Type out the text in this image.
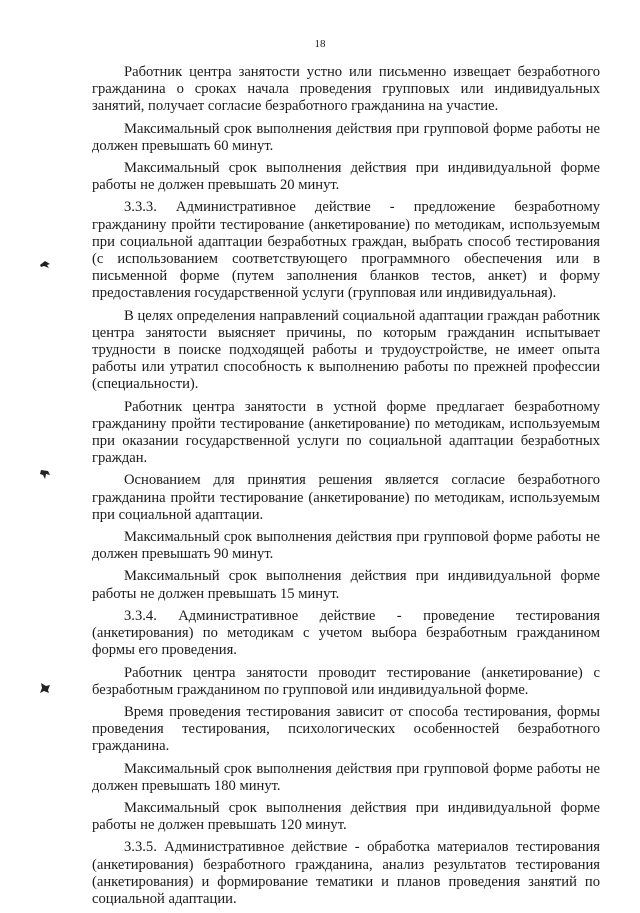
18

Работник центра занятости устно или письменно извещает безработного гражданина о сроках начала проведения групповых или индивидуальных занятий, получает согласие безработного гражданина на участие.

Максимальный срок выполнения действия при групповой форме работы не должен превышать 60 минут.

Максимальный срок выполнения действия при индивидуальной форме работы не должен превышать 20 минут.

3.3.3. Административное действие - предложение безработному гражданину пройти тестирование (анкетирование) по методикам, используемым при социальной адаптации безработных граждан, выбрать способ тестирования (с использованием соответствующего программного обеспечения или в письменной форме (путем заполнения бланков тестов, анкет) и форму предоставления государственной услуги (групповая или индивидуальная).

В целях определения направлений социальной адаптации граждан работник центра занятости выясняет причины, по которым гражданин испытывает трудности в поиске подходящей работы и трудоустройстве, не имеет опыта работы или утратил способность к выполнению работы по прежней профессии (специальности).

Работник центра занятости в устной форме предлагает безработному гражданину пройти тестирование (анкетирование) по методикам, используемым при оказании государственной услуги по социальной адаптации безработных граждан.

Основанием для принятия решения является согласие безработного гражданина пройти тестирование (анкетирование) по методикам, используемым при социальной адаптации.

Максимальный срок выполнения действия при групповой форме работы не должен превышать 90 минут.

Максимальный срок выполнения действия при индивидуальной форме работы не должен превышать 15 минут.

3.3.4. Административное действие - проведение тестирования (анкетирования) по методикам с учетом выбора безработным гражданином формы его проведения.

Работник центра занятости проводит тестирование (анкетирование) с безработным гражданином по групповой или индивидуальной форме.

Время проведения тестирования зависит от способа тестирования, формы проведения тестирования, психологических особенностей безработного гражданина.

Максимальный срок выполнения действия при групповой форме работы не должен превышать 180 минут.

Максимальный срок выполнения действия при индивидуальной форме работы не должен превышать 120 минут.

3.3.5. Административное действие - обработка материалов тестирования (анкетирования) безработного гражданина, анализ результатов тестирования (анкетирования) и формирование тематики и планов проведения занятий по социальной адаптации.
